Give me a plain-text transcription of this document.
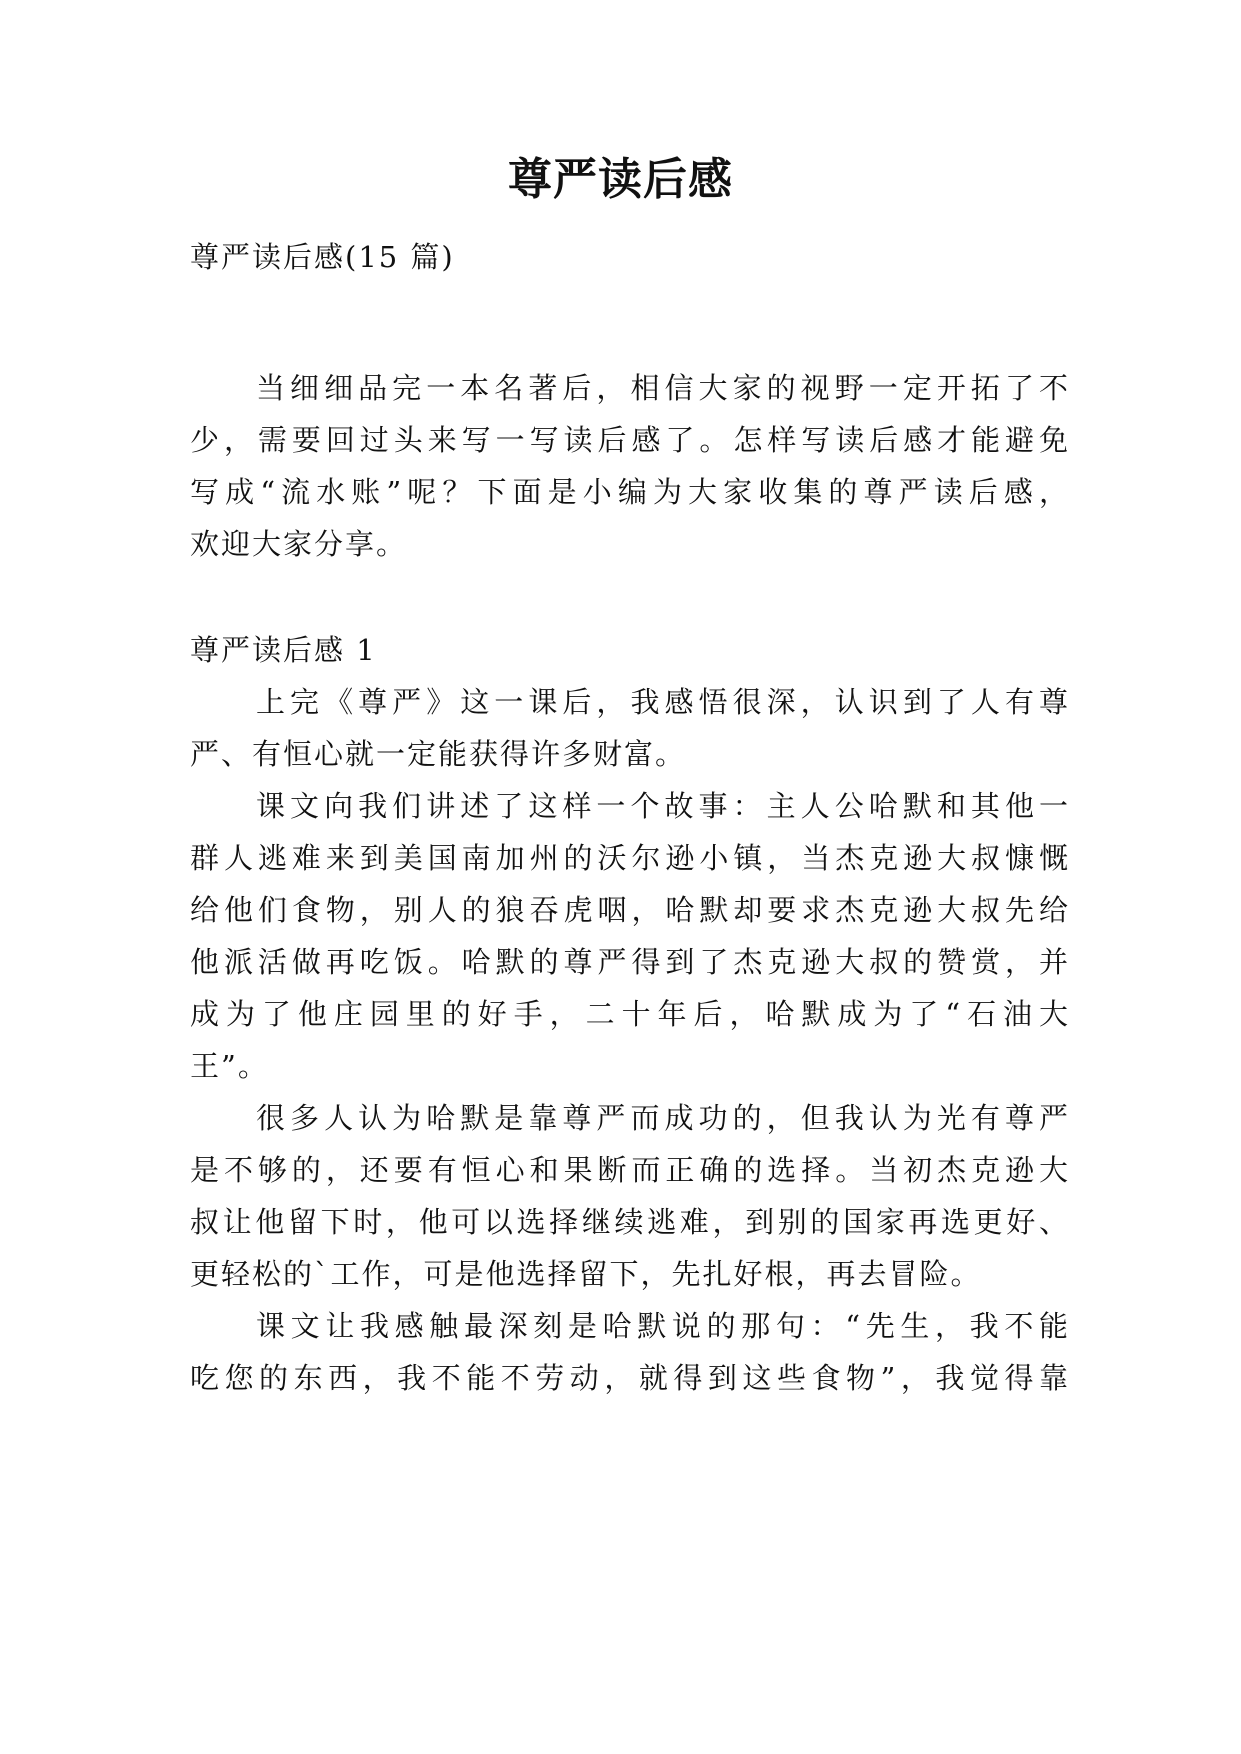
尊严读后感
尊严读后感(15 篇)
当细细品完一本名著后，相信大家的视野一定开拓了不
少，需要回过头来写一写读后感了。怎样写读后感才能避免
写成“流水账”呢？下面是小编为大家收集的尊严读后感，
欢迎大家分享。
尊严读后感 1
上完《尊严》这一课后，我感悟很深，认识到了人有尊
严、有恒心就一定能获得许多财富。
课文向我们讲述了这样一个故事：主人公哈默和其他一
群人逃难来到美国南加州的沃尔逊小镇，当杰克逊大叔慷慨
给他们食物，别人的狼吞虎咽，哈默却要求杰克逊大叔先给
他派活做再吃饭。哈默的尊严得到了杰克逊大叔的赞赏，并
成为了他庄园里的好手，二十年后，哈默成为了“石油大
王”。
很多人认为哈默是靠尊严而成功的，但我认为光有尊严
是不够的，还要有恒心和果断而正确的选择。当初杰克逊大
叔让他留下时，他可以选择继续逃难，到别的国家再选更好、
更轻松的`工作，可是他选择留下，先扎好根，再去冒险。
课文让我感触最深刻是哈默说的那句：“先生，我不能
吃您的东西，我不能不劳动，就得到这些食物”，我觉得靠
